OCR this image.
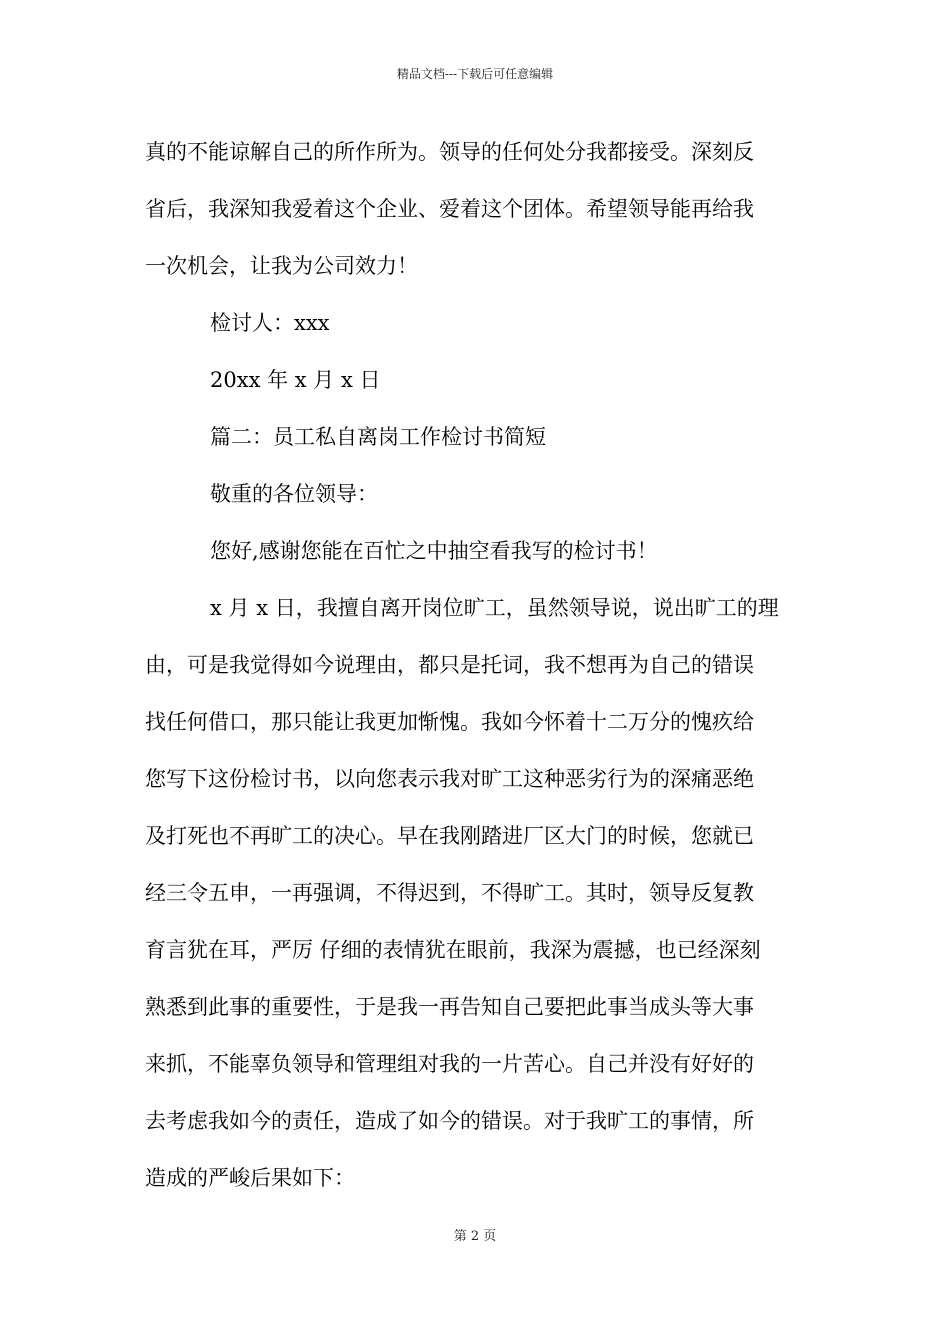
精品文档---下载后可任意编辑
真的不能谅解自己的所作所为。领导的任何处分我都接受。深刻反
省后，我深知我爱着这个企业、爱着这个团体。希望领导能再给我
一次机会，让我为公司效力！
检讨人：xxx
20xx 年 x 月 x 日
篇二：员工私自离岗工作检讨书简短
敬重的各位领导：
您好,感谢您能在百忙之中抽空看我写的检讨书！
x 月 x 日，我擅自离开岗位旷工，虽然领导说，说出旷工的理
由，可是我觉得如今说理由，都只是托词，我不想再为自己的错误
找任何借口，那只能让我更加惭愧。我如今怀着十二万分的愧疚给
您写下这份检讨书，以向您表示我对旷工这种恶劣行为的深痛恶绝
及打死也不再旷工的决心。早在我刚踏进厂区大门的时候，您就已
经三令五申，一再强调，不得迟到，不得旷工。其时，领导反复教
育言犹在耳，严厉 仔细的表情犹在眼前，我深为震撼，也已经深刻
熟悉到此事的重要性，于是我一再告知自己要把此事当成头等大事
来抓，不能辜负领导和管理组对我的一片苦心。自己并没有好好的
去考虑我如今的责任，造成了如今的错误。对于我旷工的事情，所
造成的严峻后果如下：
第 2 页
